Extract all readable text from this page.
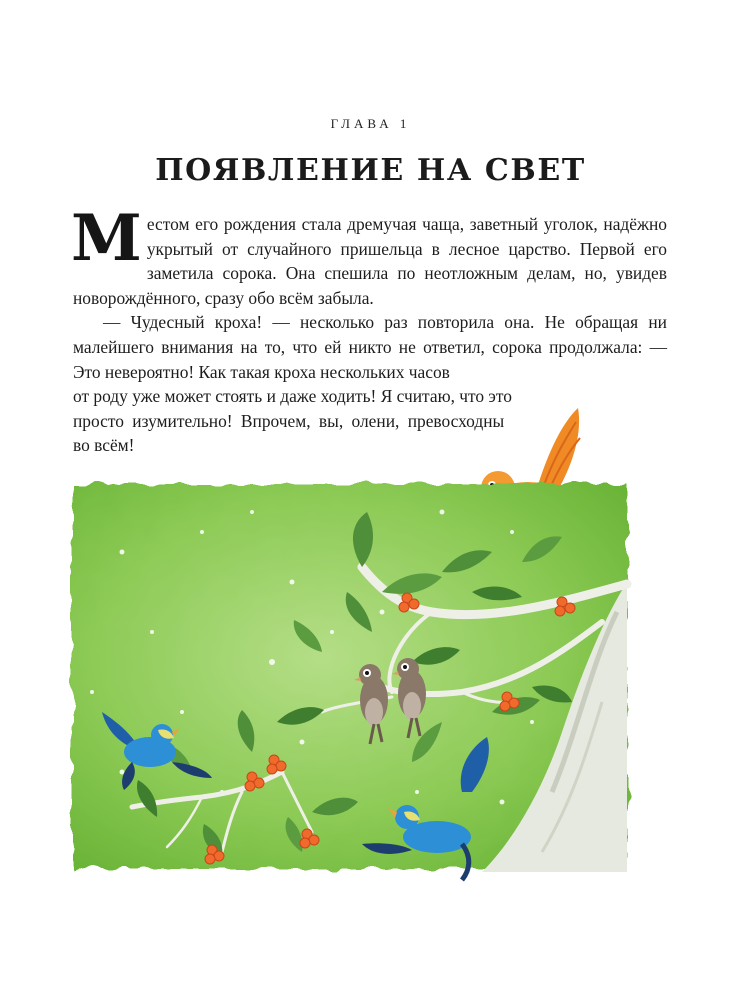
ГЛАВА 1
ПОЯВЛЕНИЕ НА СВЕТ

Местом его рождения стала дремучая чаща, заветный уголок, надёжно укрытый от случайного пришельца в лесное царство. Первой его заметила сорока. Она спешила по неотложным делам, но, увидев новорождённого, сразу обо всём забыла.

— Чудесный кроха! — несколько раз повторила она. Не обращая ни малейшего внимания на то, что ей никто не ответил, сорока продолжала: — Это невероятно! Как такая кроха нескольких часов

от роду уже может стоять и даже ходить! Я считаю, что это
просто изумительно! Впрочем, вы, олени, превосходны
во всём!
